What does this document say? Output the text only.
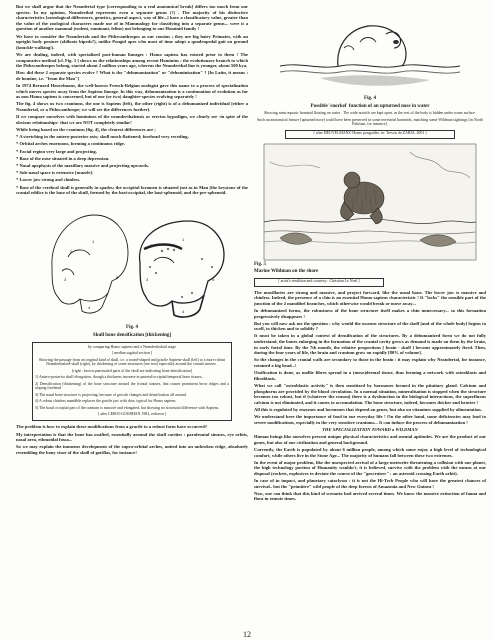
But we shall argue that the Neandertal type [corresponding to a real anatomical break] differs too much from our species. In my opinion, Neanderthal represents even a separate genus (?) . The majority of his distinctive characteristics [osteological differences, genetics, general aspect, way of life...] have a classificatory value, greater than the value of the zoological characters made use of in Mammalogy for classifying into a separate genus... were it a question of another mammal (rodent, ruminant, feline) not belonging to our Hominid family !

We have to consider the Neandertals and the Pithecanthropes as our cousins ; they are big hairy Primates, with an upright body posture (oldfoote bipeds?), unlike Pongid apes who most of time adopt a quadrupedal gait on ground (knuckle-walking!).

We are dealing, indeed, with specialized post-human lineages : Homo sapiens has existed prior to them ! The comparative method [cf. Fig. 3 ] shows us the relationships among recent Hominins : the evolutionary branch to which the Pithecanthropes belong, started about 2 million years ago, whereas the Neanderthal line is younger, about 500 kya.

How did these 2 separate species evolve ? What is the "dehumanization" or "dehominisation" ? [In Latin, it means : de homine, i.e. "from the Man"]

In 1974 Bernard Heuvelmans, the well-known French-Belgian zoologist gave this name to a process of specialization which moves species away from the Sapiens lineage. In this way, dehumanization is a continuation of evolution as far as non Homo sapiens is concerned, but of one (or two) daughter-species evolving separately !

The fig. 4 shows us two craniums, the one is Sapiens (left), the other (right) is of a dehumanized individual [either a Neandertal, or a Pithecanthrope; we will see the differences further].

If we compare ourselves with hominines of the neanderthalensis or erectus hypodigm, we clearly see -in spite of the obvious relationships- that we are NOT completely similar!

While being based on the craniums [fig. 4], the clearest differences are ;

* A stretching in the antero-posterior axis; skull much flattened; forehead very receding.

* Orbital arches enormous, forming a continuous ridge.

* Facial region very large and projecting.

* Base of the nose situated in a deep depression.

* Nasal apophysis of the maxillary massive and projecting upwards.

* Sub-nasal space is extensive [muzzle].

* Lower jaw strong and chinless.

* Base of the cerebral skull is generally in spades; the occipital foramen is situated just as in Man [the keystone of the cranial edifice is the base of the skull, formed by the basi-occipital, the basi-sphenoid, and the pre-sphenoid.

1
2
3
4
5
1
2
3
4
5

Fig. 4

Skull bone densification [thickening]

by comparing Homo sapiens and a Neanderthaloid stage

[ median sagittal section ]

Showing the passage from an original kind of skull, i.e. a round-shaped and gracile Sapiens-skull (left) to a more robust Neanderthaloid-skull (right), by thickening of some structures [see text] especially around the cranial sinuses .

[right : brown punctuated parts of the skull are indicating bone densification]

1) Antero-posterior skull elongation, though a thickness increase in parietal/occipital/temporal bone tissues...

2) Densification (thickening) of the bone structure around the frontal sinuses, that causes prominent brow ridges and a sloping forehead

3) The nasal bone structure is projecting, because of growth changes and densification all around.

4) A robust chinless mandible replaces the gracile jaw with chin, typical for Homo sapiens

5) The basal occipital part of the cranium is massive and elongated, but showing no structural difference with Sapiens.

[ after LEROI-GOURHAN 1982, redrawn ]

The problem is how to explain these modifications from a gracile to a robust form have occurred?

My interpretation is that the bone has ossified, essentially around the skull cavities : parafrontal sinuses, eye orbits, nasal area, ethmoidal fossa...

So we may explain the immense development of the supra-orbital arches, united into an unbroken ridge, absolutely resembling the bony visor of the skull of gorillas, for instance!

Fig. 4

Possible 'snorkel' function of an upturned nose in water

Showing semi-aquatic hominid floating on water . The wide nostrils are kept open, as the rest of the body is hidden under water surface.

Such an anatomical feature [upturned nose] could have been preserved in some terrestrial hominids, matching some Wildman sightings [in North Pakistan, for instance].

[ after HEUVELMANS' Homo pongoides, in: Trescis de ZARIA, 2001 ]

Fig. 5

Marine Wildman on the shore

[ artist's rendition and courtesy : Christian Le Noel ]

The maxillaries are strong and massive, and project forward, like the usual bone. The lower jaw is massive and chinless. Indeed, the presence of a chin is an essential Homo sapiens characteristic ! It "locks" the sensible part of the junction of the 2 mandibel branches, which otherwise would break or move away...

In dehumanized forms, the robustness of the bone structure itself makes a chin unnecessary... so this formation progressively disappears !

But you will now ask me the question : why would the osseous structure of the skull [and of the whole body] begins to swell, to thicken and to solidify ?

It must be taken in a global context of densification of the structures. By a dehumanized form we do not fully understand, the bones enlarging in the formation of the cranial cavity grows as demand is made on them by the brain, in early foetal time. By the 7th month, the relative proportions [ brain - skull ] become approximately fixed. Then, during the four years of life, the brain and cranium grow on rapidly [80% of volume].

So the changes in the cranial walls are secondary to those in the brain : it may explain why Neandertal, for instance, retained a big head...!

Ossification is done, as mollie fibres spread in a (meso)dermal tissue, thus forming a network with osteoblasts and fibroblasts.

What we call "osteoblastic activity" is then sensitized by hormones formed in the pituitary gland. Calcium and phosphorus are provided by the blood circulation. In a normal situation, mineralisation is stopped when the structure becomes too robust, but if [whatever the reason] there is a dysfunction in the biological interactions, the superfluous calcium is not eliminated, and it comes to accumulation. The bone structure, indeed, becomes thicker and heavier !

All this is regulated by enzymes and hormones that depend on genes, but also on vitamines supplied by alimentation.

We understand here the importance of food in our everyday life ! On the other hand, some deficiencies may lead to severe modifications, especially in the very sensitive craniums... It can induce the process of dehumanization !

THE SPECIALIZATION TOWARD a WILDMAN

Human beings like ourselves present unique physical characteristics and mental aptitudes. We are the product of our genes, but also of our civilization and general background.

Currently, the Earth is populated by about 6 million people, among which some enjoy a high level of technological comfort, while others live in the Stone Age... The majority of humans fall between these two extremes.

In the event of major problem, like the unexpected arrival of a large meteorite threatening a collision with our planet, the high technology portion of Humanity wouldn't, it is believed, survive with the problem with the means at our disposal (rockets, explosives to deviate the course of the "geocruiser" : an asteroid crossing Earth orbit).

In case of in impact, and planetary cataclysm : it is not the Hi-Tech People who will have the greatest chances of survival.. but the "primitive" wild people of the deep forests of Amazonia and New Guinea !

Now, one can think that this kind of scenario had arrived several times. We know the massive extinction of fauna and flora in remote times.

12
